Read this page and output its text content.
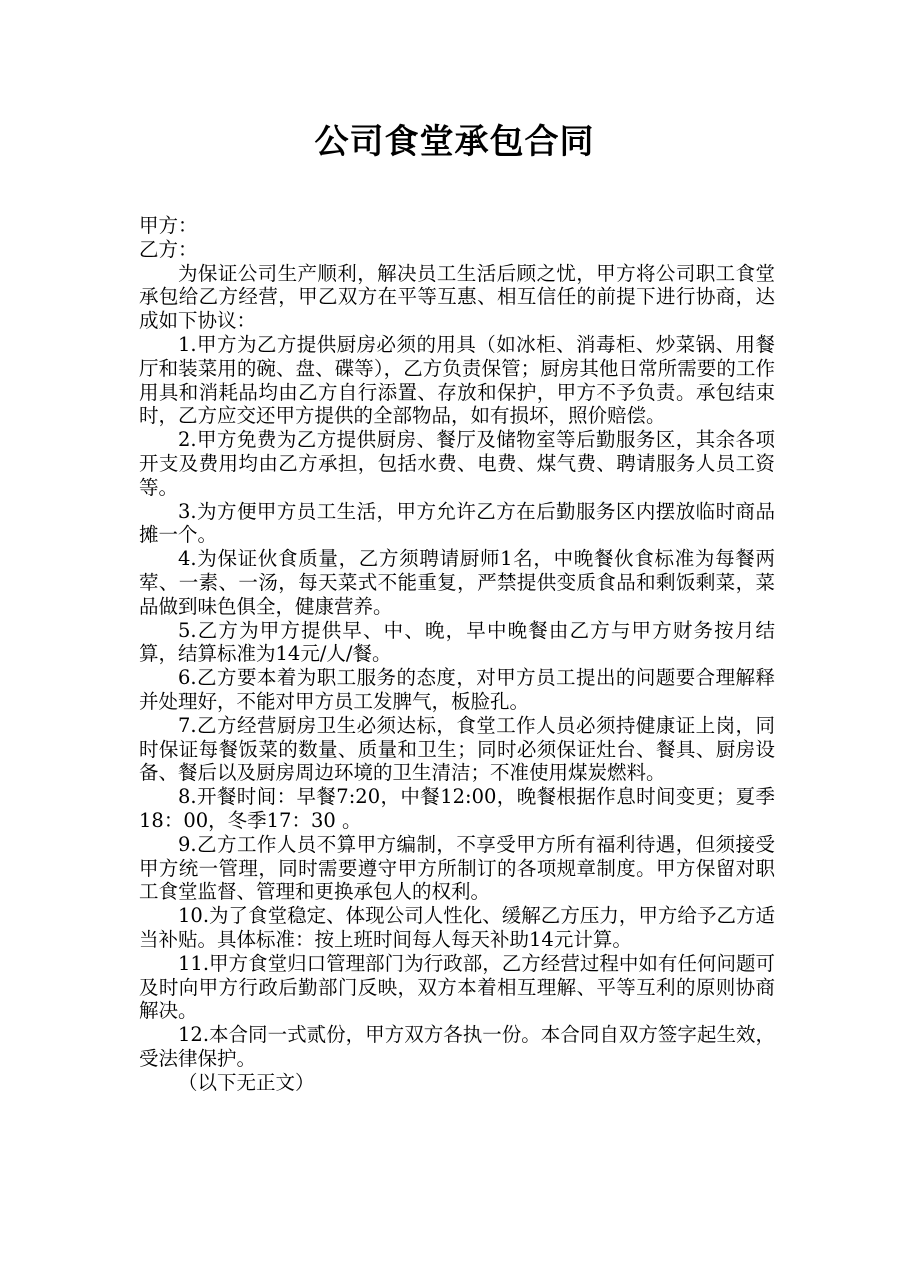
公司食堂承包合同

甲方：

乙方：

为保证公司生产顺利，解决员工生活后顾之忧，甲方将公司职工食堂承包给乙方经营，甲乙双方在平等互惠、相互信任的前提下进行协商，达成如下协议：

1.甲方为乙方提供厨房必须的用具（如冰柜、消毒柜、炒菜锅、用餐厅和装菜用的碗、盘、碟等），乙方负责保管；厨房其他日常所需要的工作用具和消耗品均由乙方自行添置、存放和保护，甲方不予负责。承包结束时，乙方应交还甲方提供的全部物品，如有损坏，照价赔偿。

2.甲方免费为乙方提供厨房、餐厅及储物室等后勤服务区，其余各项开支及费用均由乙方承担，包括水费、电费、煤气费、聘请服务人员工资等。

3.为方便甲方员工生活，甲方允许乙方在后勤服务区内摆放临时商品摊一个。

4.为保证伙食质量，乙方须聘请厨师1名，中晚餐伙食标准为每餐两荤、一素、一汤，每天菜式不能重复，严禁提供变质食品和剩饭剩菜，菜品做到味色俱全，健康营养。

5.乙方为甲方提供早、中、晚，早中晚餐由乙方与甲方财务按月结算，结算标准为14元/人/餐。

6.乙方要本着为职工服务的态度，对甲方员工提出的问题要合理解释并处理好，不能对甲方员工发脾气，板脸孔。

7.乙方经营厨房卫生必须达标，食堂工作人员必须持健康证上岗，同时保证每餐饭菜的数量、质量和卫生；同时必须保证灶台、餐具、厨房设备、餐后以及厨房周边环境的卫生清洁；不准使用煤炭燃料。

8.开餐时间：早餐7:20，中餐12:00，晚餐根据作息时间变更；夏季18：00，冬季17：30 。

9.乙方工作人员不算甲方编制，不享受甲方所有福利待遇，但须接受甲方统一管理，同时需要遵守甲方所制订的各项规章制度。甲方保留对职工食堂监督、管理和更换承包人的权利。

10.为了食堂稳定、体现公司人性化、缓解乙方压力，甲方给予乙方适当补贴。具体标准：按上班时间每人每天补助14元计算。

11.甲方食堂归口管理部门为行政部，乙方经营过程中如有任何问题可及时向甲方行政后勤部门反映，双方本着相互理解、平等互利的原则协商解决。

12.本合同一式贰份，甲方双方各执一份。本合同自双方签字起生效，受法律保护。

（以下无正文）
